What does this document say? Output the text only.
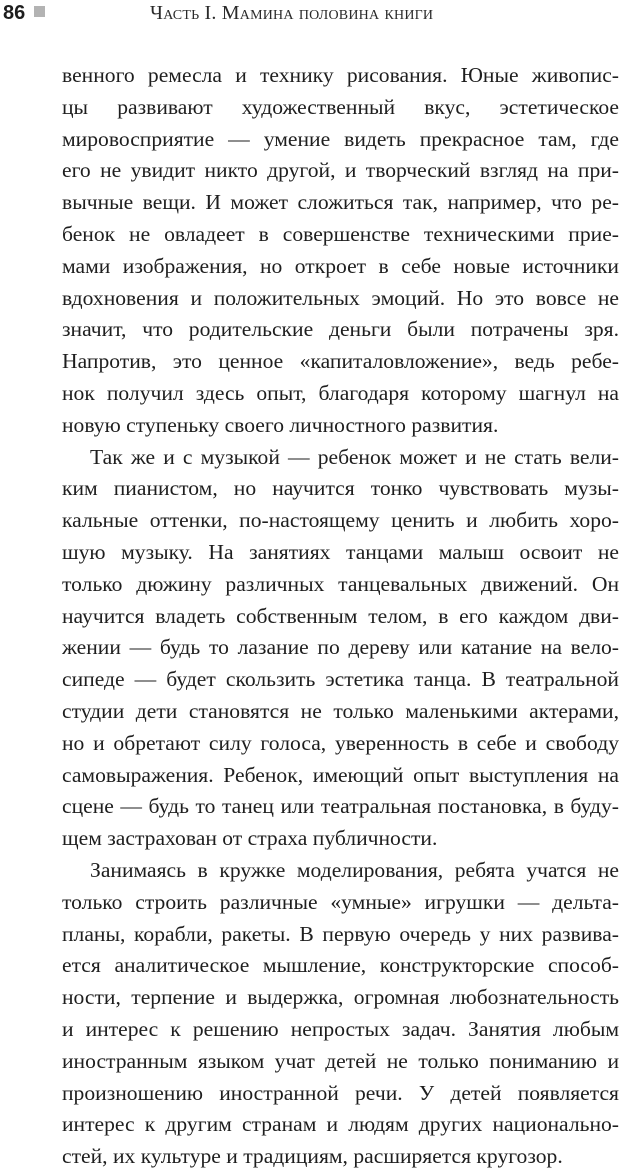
86	Часть I. Мамина половина книги
венного ремесла и технику рисования. Юные живопис-
цы развивают художественный вкус, эстетическое
мировосприятие — умение видеть прекрасное там, где
его не увидит никто другой, и творческий взгляд на при-
вычные вещи. И может сложиться так, например, что ре-
бенок не овладеет в совершенстве техническими прие-
мами изображения, но откроет в себе новые источники
вдохновения и положительных эмоций. Но это вовсе не
значит, что родительские деньги были потрачены зря.
Напротив, это ценное «капиталовложение», ведь ребе-
нок получил здесь опыт, благодаря которому шагнул на
новую ступеньку своего личностного развития.
Так же и с музыкой — ребенок может и не стать вели-
ким пианистом, но научится тонко чувствовать музы-
кальные оттенки, по-настоящему ценить и любить хоро-
шую музыку. На занятиях танцами малыш освоит не
только дюжину различных танцевальных движений. Он
научится владеть собственным телом, в его каждом дви-
жении — будь то лазание по дереву или катание на вело-
сипеде — будет скользить эстетика танца. В театральной
студии дети становятся не только маленькими актерами,
но и обретают силу голоса, уверенность в себе и свободу
самовыражения. Ребенок, имеющий опыт выступления на
сцене — будь то танец или театральная постановка, в буду-
щем застрахован от страха публичности.
Занимаясь в кружке моделирования, ребята учатся не
только строить различные «умные» игрушки — дельта-
планы, корабли, ракеты. В первую очередь у них развива-
ется аналитическое мышление, конструкторские способ-
ности, терпение и выдержка, огромная любознательность
и интерес к решению непростых задач. Занятия любым
иностранным языком учат детей не только пониманию и
произношению иностранной речи. У детей появляется
интерес к другим странам и людям других национально-
стей, их культуре и традициям, расширяется кругозор.
